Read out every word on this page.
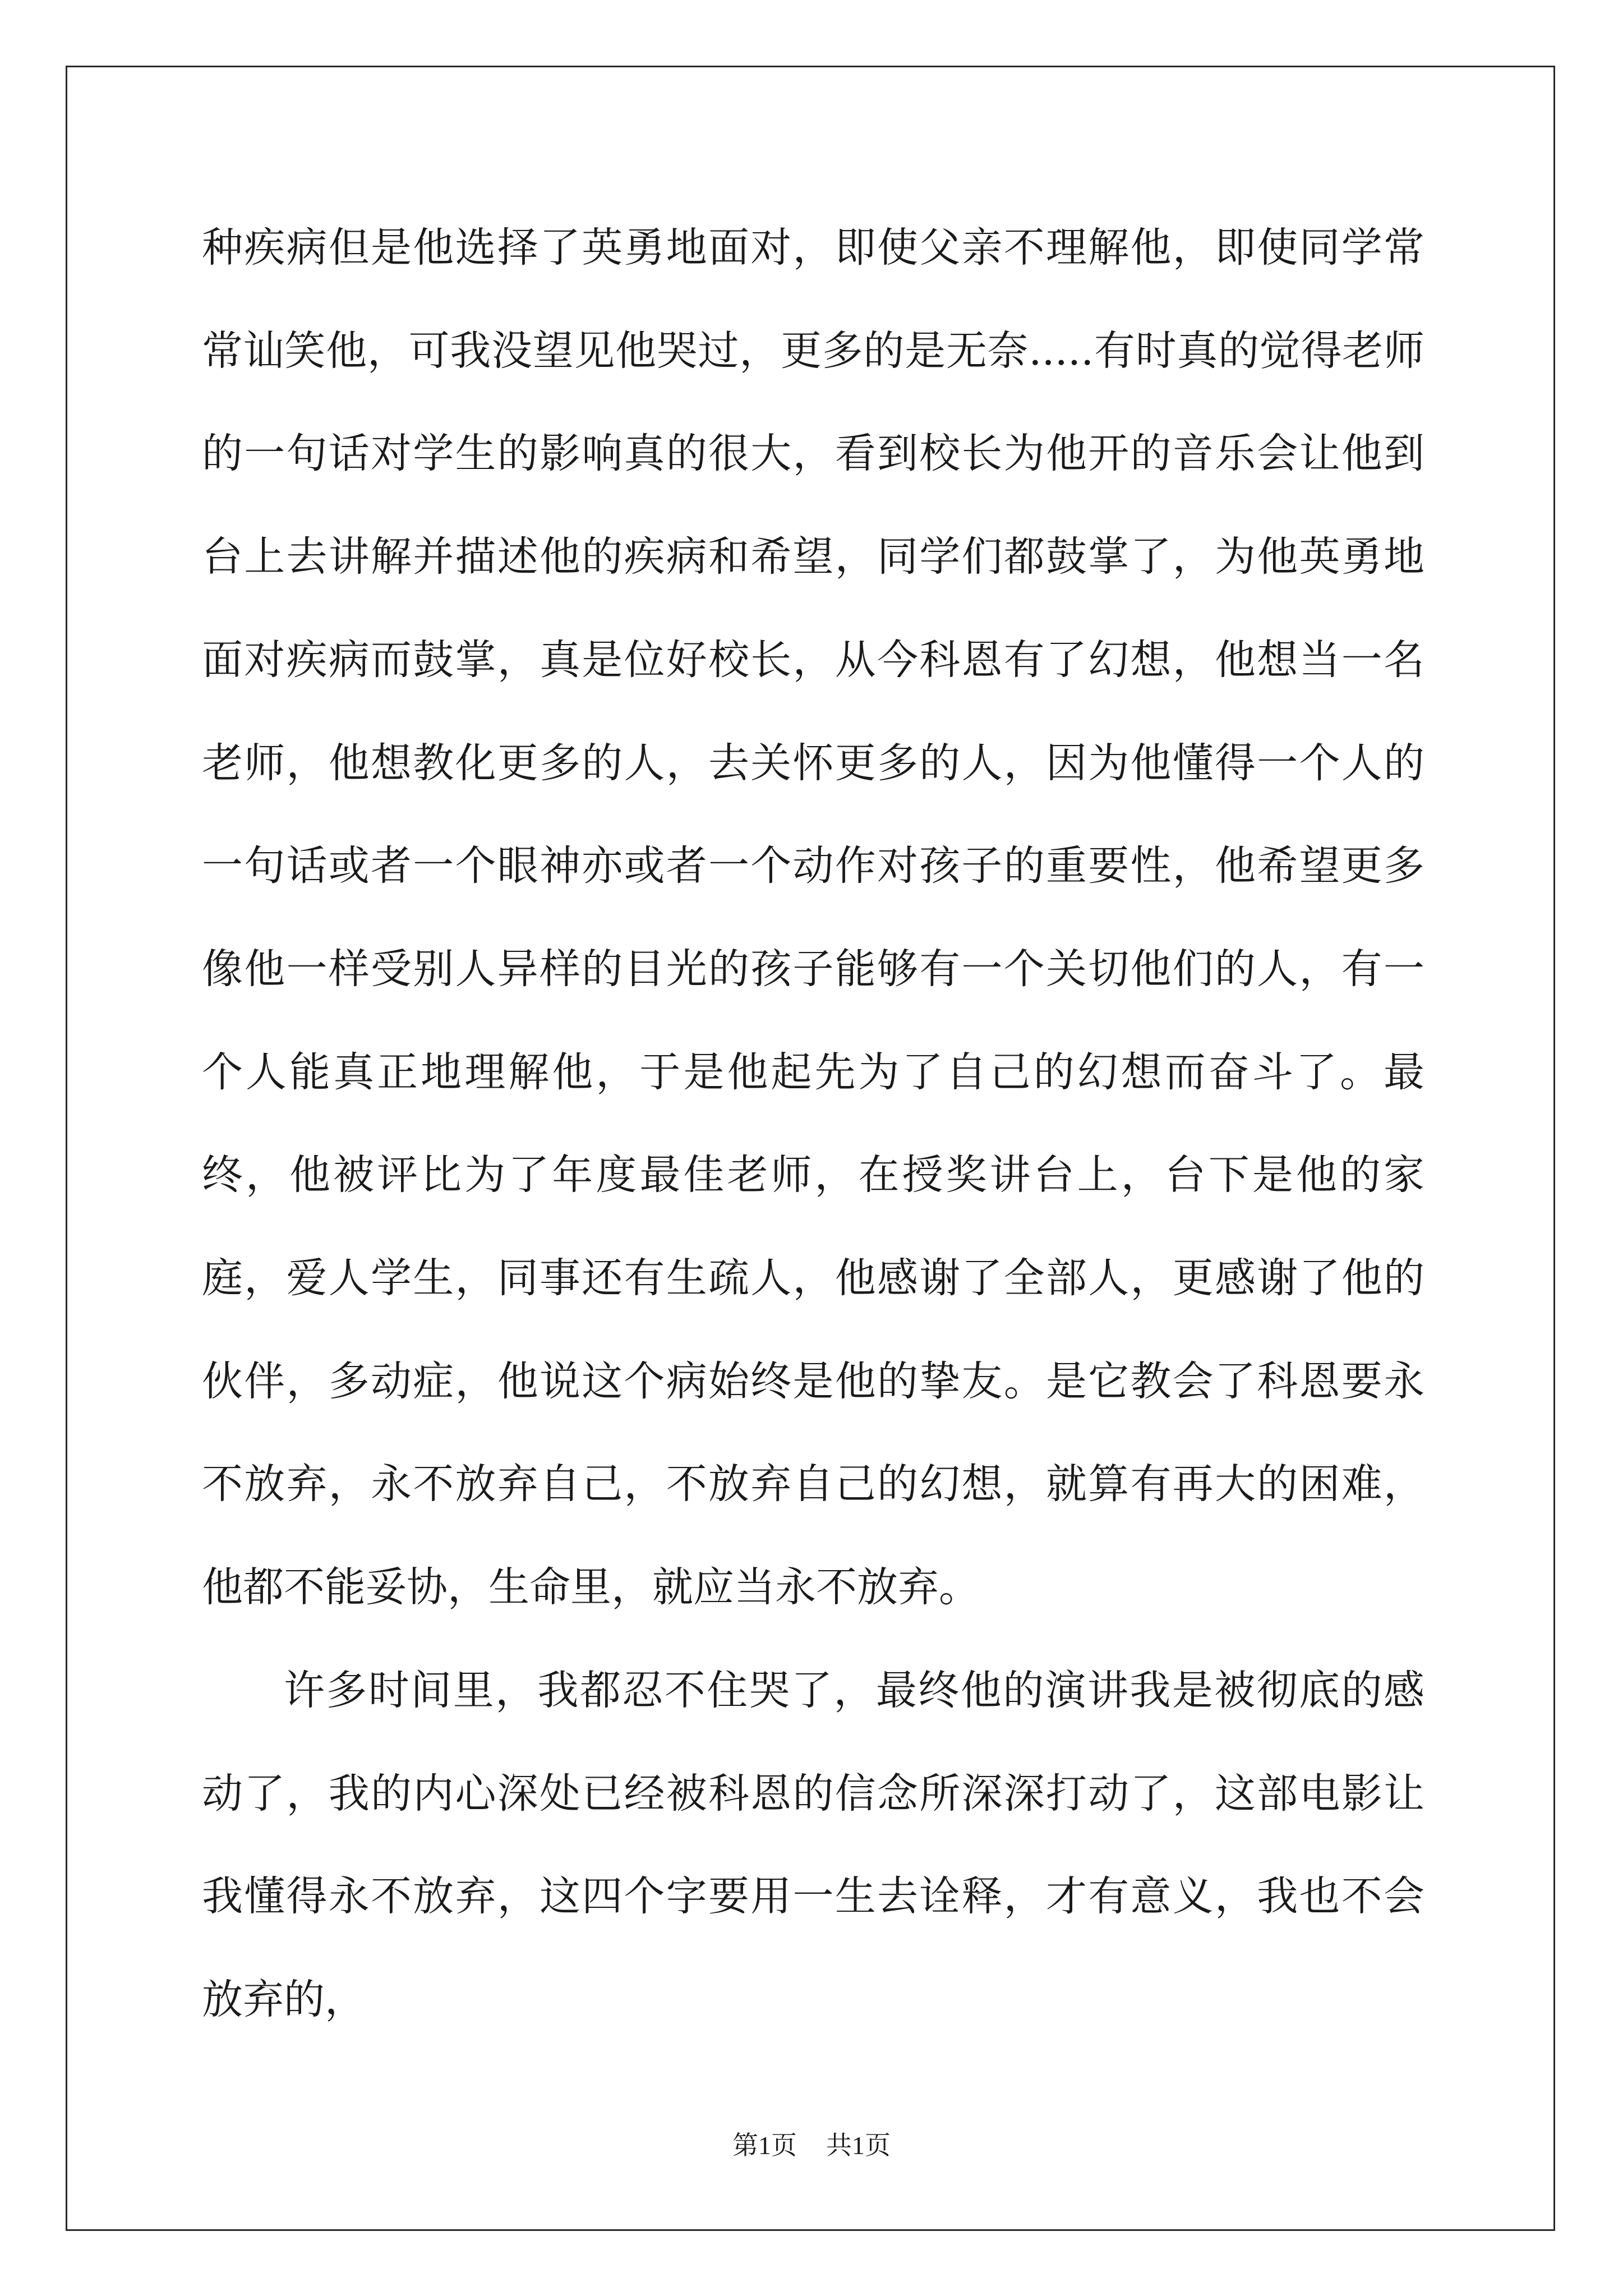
种疾病但是他选择了英勇地面对，即使父亲不理解他，即使同学常常讪笑他，可我没望见他哭过，更多的是无奈.....有时真的觉得老师的一句话对学生的影响真的很大，看到校长为他开的音乐会让他到台上去讲解并描述他的疾病和希望，同学们都鼓掌了，为他英勇地面对疾病而鼓掌，真是位好校长，从今科恩有了幻想，他想当一名老师，他想教化更多的人，去关怀更多的人，因为他懂得一个人的一句话或者一个眼神亦或者一个动作对孩子的重要性，他希望更多像他一样受别人异样的目光的孩子能够有一个关切他们的人，有一个人能真正地理解他，于是他起先为了自己的幻想而奋斗了。最终，他被评比为了年度最佳老师，在授奖讲台上，台下是他的家庭，爱人学生，同事还有生疏人，他感谢了全部人，更感谢了他的伙伴，多动症，他说这个病始终是他的挚友。是它教会了科恩要永不放弃，永不放弃自己，不放弃自己的幻想，就算有再大的困难，他都不能妥协，生命里，就应当永不放弃。

许多时间里，我都忍不住哭了，最终他的演讲我是被彻底的感动了，我的内心深处已经被科恩的信念所深深打动了，这部电影让我懂得永不放弃，这四个字要用一生去诠释，才有意义，我也不会放弃的，

第1页 共1页
